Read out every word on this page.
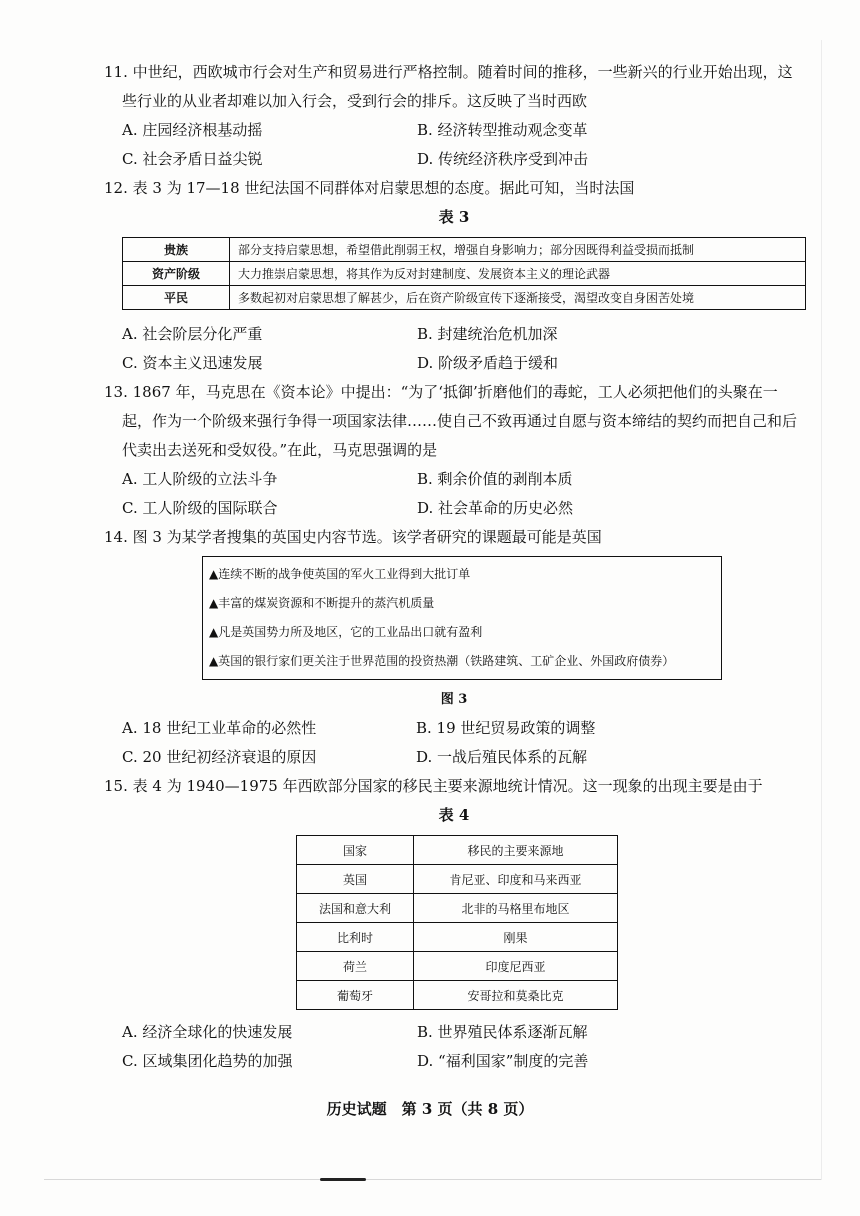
11. 中世纪，西欧城市行会对生产和贸易进行严格控制。随着时间的推移，一些新兴的行业开始出现，这些行业的从业者却难以加入行会，受到行会的排斥。这反映了当时西欧
A. 庄园经济根基动摇	B. 经济转型推动观念变革
C. 社会矛盾日益尖锐	D. 传统经济秩序受到冲击
12. 表 3 为 17—18 世纪法国不同群体对启蒙思想的态度。据此可知，当时法国
表 3
贵族	部分支持启蒙思想，希望借此削弱王权，增强自身影响力；部分因既得利益受损而抵制
资产阶级	大力推崇启蒙思想，将其作为反对封建制度、发展资本主义的理论武器
平民	多数起初对启蒙思想了解甚少，后在资产阶级宣传下逐渐接受，渴望改变自身困苦处境
A. 社会阶层分化严重	B. 封建统治危机加深
C. 资本主义迅速发展	D. 阶级矛盾趋于缓和
13. 1867 年，马克思在《资本论》中提出：“为了‘抵御’折磨他们的毒蛇，工人必须把他们的头聚在一起，作为一个阶级来强行争得一项国家法律……使自己不致再通过自愿与资本缔结的契约而把自己和后代卖出去送死和受奴役。”在此，马克思强调的是
A. 工人阶级的立法斗争	B. 剩余价值的剥削本质
C. 工人阶级的国际联合	D. 社会革命的历史必然
14. 图 3 为某学者搜集的英国史内容节选。该学者研究的课题最可能是英国
▲连续不断的战争使英国的军火工业得到大批订单
▲丰富的煤炭资源和不断提升的蒸汽机质量
▲凡是英国势力所及地区，它的工业品出口就有盈利
▲英国的银行家们更关注于世界范围的投资热潮（铁路建筑、工矿企业、外国政府债券）
图 3
A. 18 世纪工业革命的必然性	B. 19 世纪贸易政策的调整
C. 20 世纪初经济衰退的原因	D. 一战后殖民体系的瓦解
15. 表 4 为 1940—1975 年西欧部分国家的移民主要来源地统计情况。这一现象的出现主要是由于
表 4
国家	移民的主要来源地
英国	肯尼亚、印度和马来西亚
法国和意大利	北非的马格里布地区
比利时	刚果
荷兰	印度尼西亚
葡萄牙	安哥拉和莫桑比克
A. 经济全球化的快速发展	B. 世界殖民体系逐渐瓦解
C. 区域集团化趋势的加强	D. “福利国家”制度的完善
历史试题　第 3 页（共 8 页）
